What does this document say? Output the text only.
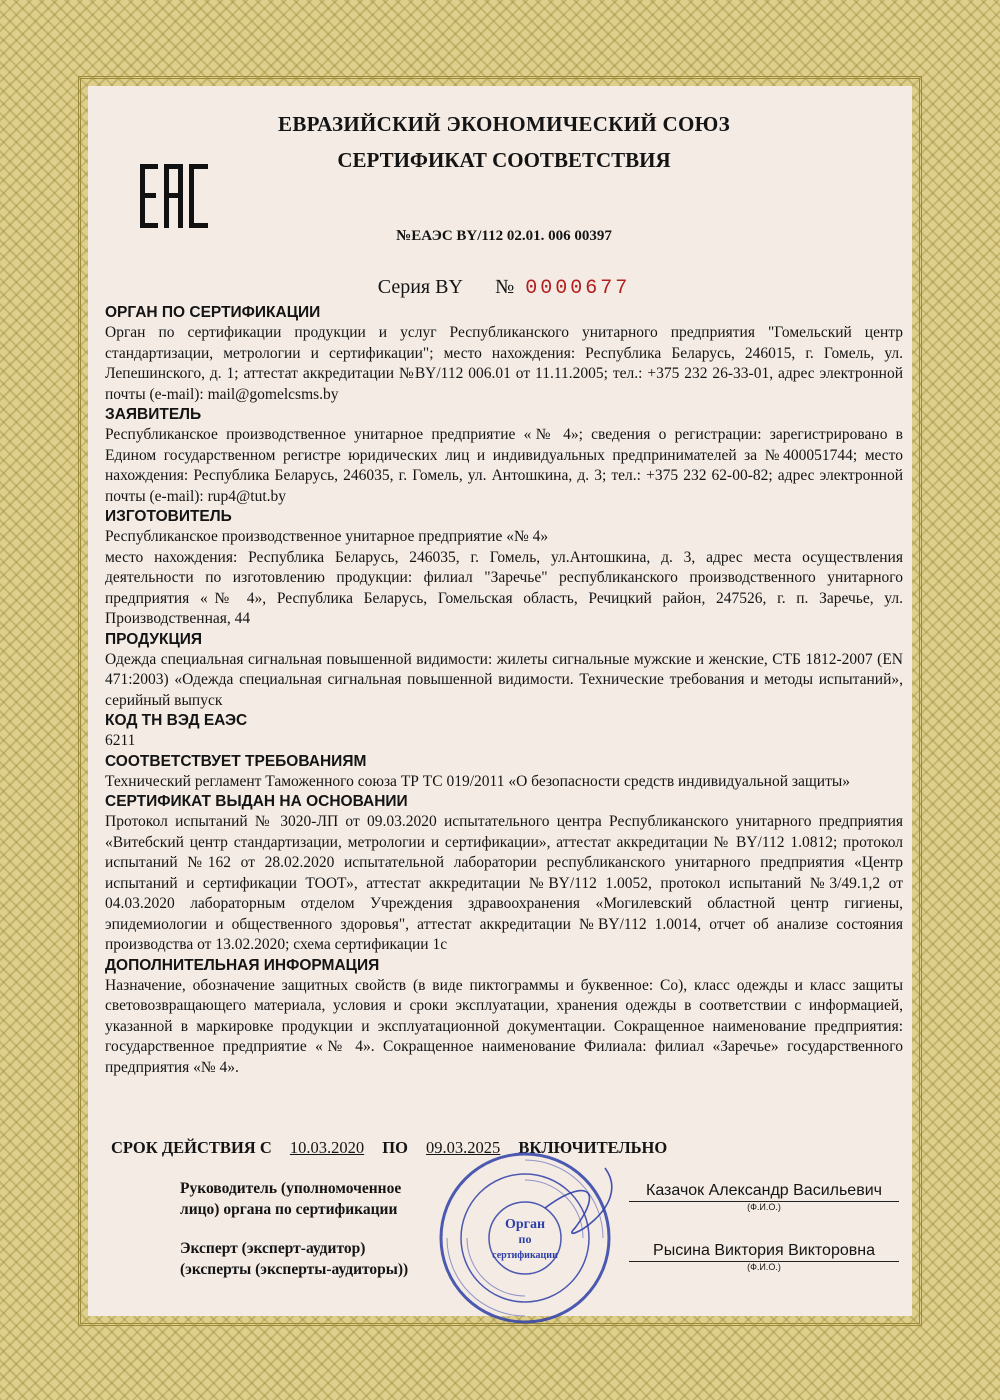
ЕВРАЗИЙСКИЙ ЭКОНОМИЧЕСКИЙ СОЮЗ
СЕРТИФИКАТ СООТВЕТСТВИЯ
№ЕАЭС BY/112 02.01. 006 00397
Серия BY № 0000677

ОРГАН ПО СЕРТИФИКАЦИИ

Орган по сертификации продукции и услуг Республиканского унитарного предприятия "Гомельский центр стандартизации, метрологии и сертификации"; место нахождения: Республика Беларусь, 246015, г. Гомель, ул. Лепешинского, д. 1; аттестат аккредитации №BY/112 006.01 от 11.11.2005; тел.: +375 232 26-33-01, адрес электронной почты (e-mail): mail@gomelcsms.by

ЗАЯВИТЕЛЬ

Республиканское производственное унитарное предприятие «№ 4»; сведения о регистрации: зарегистрировано в Едином государственном регистре юридических лиц и индивидуальных предпринимателей за №400051744; место нахождения: Республика Беларусь, 246035, г. Гомель, ул. Антошкина, д. 3; тел.: +375 232 62-00-82; адрес электронной почты (e-mail): rup4@tut.by

ИЗГОТОВИТЕЛЬ

Республиканское производственное унитарное предприятие «№ 4»

место нахождения: Республика Беларусь, 246035, г. Гомель, ул.Антошкина, д. 3, адрес места осуществления деятельности по изготовлению продукции: филиал "Заречье" республиканского производственного унитарного предприятия «№ 4», Республика Беларусь, Гомельская область, Речицкий район, 247526, г. п. Заречье, ул. Производственная, 44

ПРОДУКЦИЯ

Одежда специальная сигнальная повышенной видимости: жилеты сигнальные мужские и женские, СТБ 1812-2007 (EN 471:2003) «Одежда специальная сигнальная повышенной видимости. Технические требования и методы испытаний», серийный выпуск

КОД ТН ВЭД ЕАЭС

6211

СООТВЕТСТВУЕТ ТРЕБОВАНИЯМ

Технический регламент Таможенного союза ТР ТС 019/2011 «О безопасности средств индивидуальной защиты»

СЕРТИФИКАТ ВЫДАН НА ОСНОВАНИИ

Протокол испытаний № 3020-ЛП от 09.03.2020 испытательного центра Республиканского унитарного предприятия «Витебский центр стандартизации, метрологии и сертификации», аттестат аккредитации № BY/112 1.0812; протокол испытаний №162 от 28.02.2020 испытательной лаборатории республиканского унитарного предприятия «Центр испытаний и сертификации ТООТ», аттестат аккредитации №BY/112 1.0052, протокол испытаний №3/49.1,2 от 04.03.2020 лабораторным отделом Учреждения здравоохранения «Могилевский областной центр гигиены, эпидемиологии и общественного здоровья", аттестат аккредитации №BY/112 1.0014, отчет об анализе состояния производства от 13.02.2020; схема сертификации 1с

ДОПОЛНИТЕЛЬНАЯ ИНФОРМАЦИЯ

Назначение, обозначение защитных свойств (в виде пиктограммы и буквенное: Со), класс одежды и класс защиты световозвращающего материала, условия и сроки эксплуатации, хранения одежды в соответствии с информацией, указанной в маркировке продукции и эксплуатационной документации. Сокращенное наименование предприятия: государственное предприятие «№ 4». Сокращенное наименование Филиала: филиал «Заречье» государственного предприятия «№ 4».

СРОК ДЕЙСТВИЯ С 10.03.2020 ПО 09.03.2025 ВКЛЮЧИТЕЛЬНО
Руководитель (уполномоченное
лицо) органа по сертификации
Казачок Александр Васильевич
(Ф.И.О.)
Эксперт (эксперт-аудитор)
(эксперты (эксперты-аудиторы))
Рысина Виктория Викторовна
(Ф.И.О.)
Орган
по
сертификации
